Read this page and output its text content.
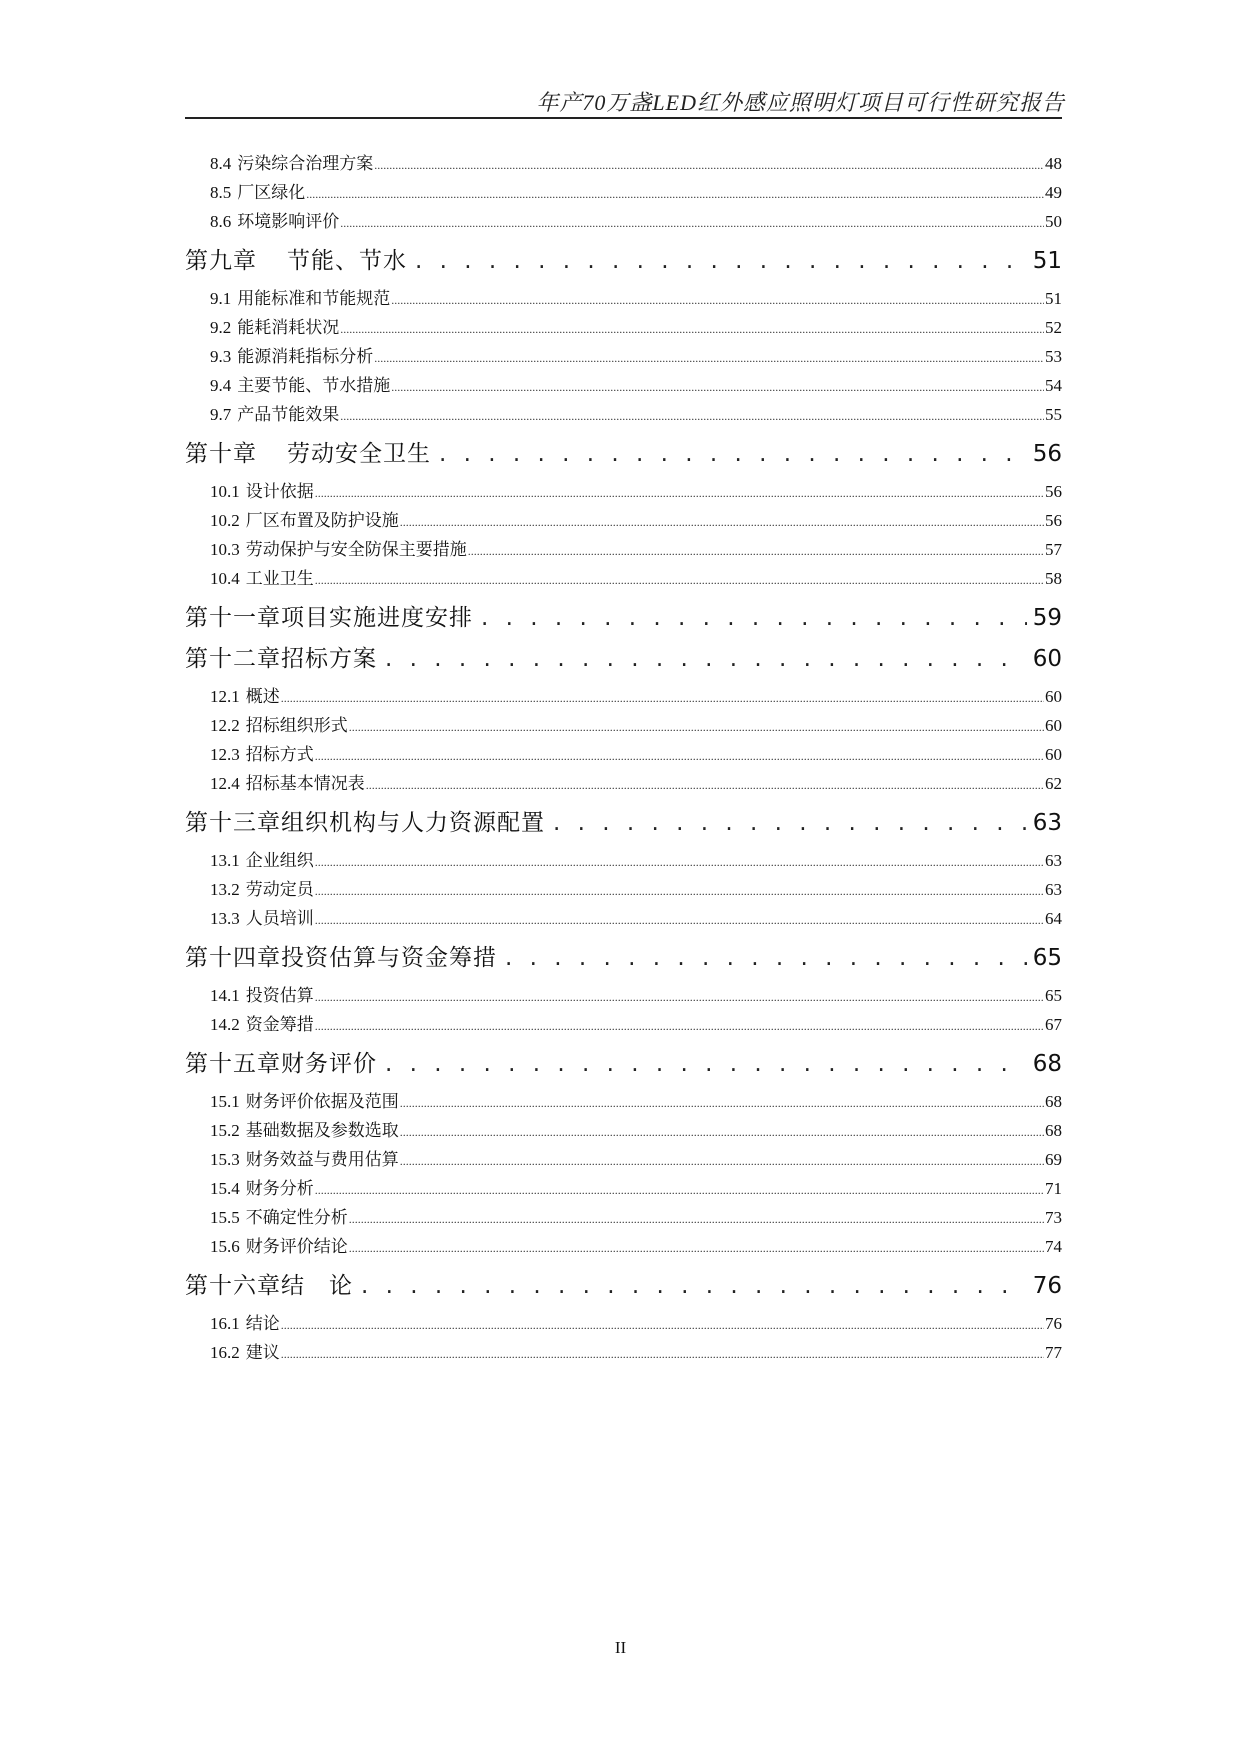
年产70万盏LED红外感应照明灯项目可行性研究报告
8.4 污染综合治理方案 .....	48
8.5 厂区绿化 .....	49
8.6 环境影响评价 .....	50
第九章 节能、节水 . . .	51
9.1 用能标准和节能规范 .....	51
9.2 能耗消耗状况 .....	52
9.3 能源消耗指标分析 .....	53
9.4 主要节能、节水措施 .....	54
9.7 产品节能效果 .....	55
第十章 劳动安全卫生 . . .	56
10.1 设计依据 .....	56
10.2 厂区布置及防护设施 .....	56
10.3 劳动保护与安全防保主要措施 .....	57
10.4 工业卫生 .....	58
第十一章项目实施进度安排 . . .	59
第十二章招标方案 . . .	60
12.1 概述 .....	60
12.2 招标组织形式 .....	60
12.3 招标方式 .....	60
12.4 招标基本情况表 .....	62
第十三章组织机构与人力资源配置 . . .	63
13.1 企业组织 .....	63
13.2 劳动定员 .....	63
13.3 人员培训 .....	64
第十四章投资估算与资金筹措 . . .	65
14.1 投资估算 .....	65
14.2 资金筹措 .....	67
第十五章财务评价 . . .	68
15.1 财务评价依据及范围 .....	68
15.2 基础数据及参数选取 .....	68
15.3 财务效益与费用估算 .....	69
15.4 财务分析 .....	71
15.5 不确定性分析 .....	73
15.6 财务评价结论 .....	74
第十六章结　论 . . .	76
16.1 结论 .....	76
16.2 建议 .....	77
II
